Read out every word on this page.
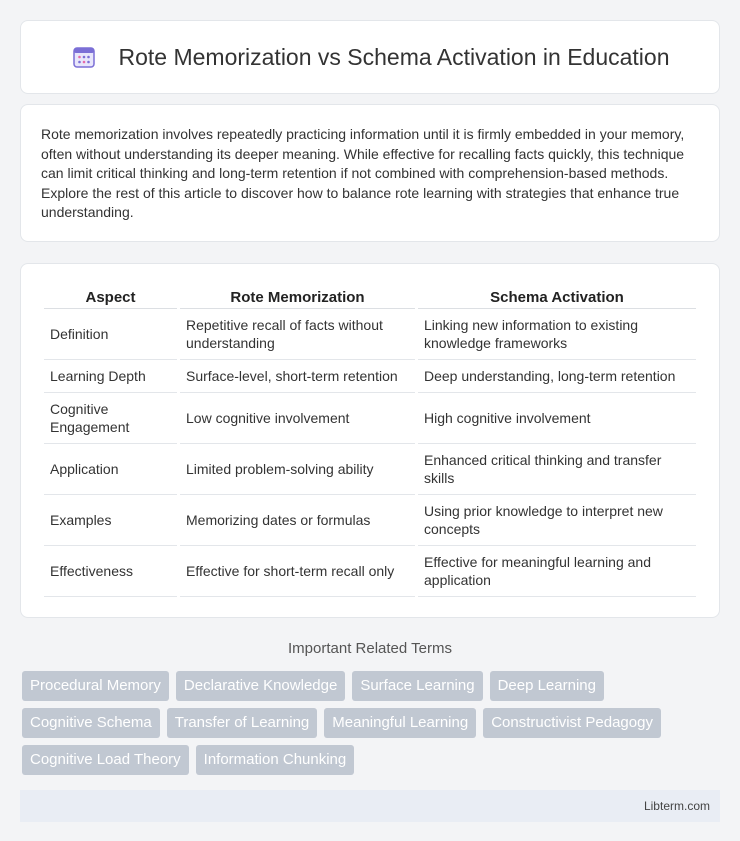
Rote Memorization vs Schema Activation in Education

Rote memorization involves repeatedly practicing information until it is firmly embedded in your memory, often without understanding its deeper meaning. While effective for recalling facts quickly, this technique can limit critical thinking and long-term retention if not combined with comprehension-based methods. Explore the rest of this article to discover how to balance rote learning with strategies that enhance true understanding.

Aspect	Rote Memorization	Schema Activation
Definition	Repetitive recall of facts without understanding	Linking new information to existing knowledge frameworks
Learning Depth	Surface-level, short-term retention	Deep understanding, long-term retention
Cognitive Engagement	Low cognitive involvement	High cognitive involvement
Application	Limited problem-solving ability	Enhanced critical thinking and transfer skills
Examples	Memorizing dates or formulas	Using prior knowledge to interpret new concepts
Effectiveness	Effective for short-term recall only	Effective for meaningful learning and application
Important Related Terms
Procedural Memory	Declarative Knowledge	Surface Learning	Deep Learning
Cognitive Schema	Transfer of Learning	Meaningful Learning	Constructivist Pedagogy
Cognitive Load Theory	Information Chunking
Libterm.com
